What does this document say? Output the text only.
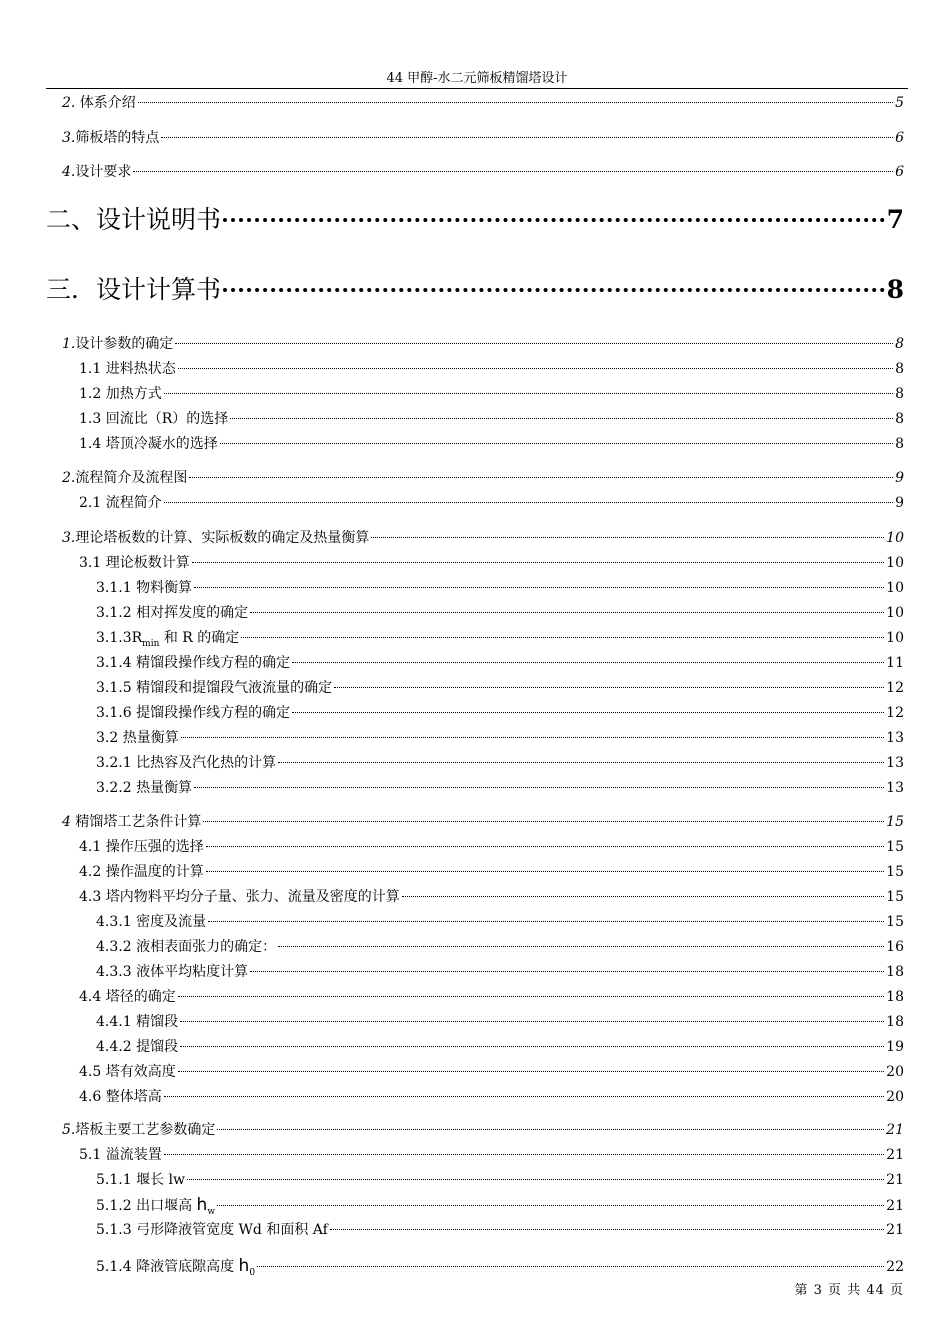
44 甲醇-水二元筛板精馏塔设计
2. 体系介绍	5
3.筛板塔的特点	6
4.设计要求	6
二、设计说明书	7
三．设计计算书	8
1.设计参数的确定	8
1.1 进料热状态	8
1.2 加热方式	8
1.3 回流比（R）的选择	8
1.4 塔顶冷凝水的选择	8
2.流程简介及流程图	9
2.1 流程简介	9
3.理论塔板数的计算、实际板数的确定及热量衡算	10
3.1 理论板数计算	10
3.1.1 物料衡算	10
3.1.2 相对挥发度的确定	10
$3.1.3R_{min}$ 和 R 的确定	10
3.1.4 精馏段操作线方程的确定	11
3.1.5 精馏段和提馏段气液流量的确定	12
3.1.6 提馏段操作线方程的确定	12
3.2 热量衡算	13
3.2.1 比热容及汽化热的计算	13
3.2.2 热量衡算	13
4 精馏塔工艺条件计算	15
4.1 操作压强的选择	15
4.2 操作温度的计算	15
4.3 塔内物料平均分子量、张力、流量及密度的计算	15
4.3.1 密度及流量	15
4.3.2 液相表面张力的确定：	16
4.3.3 液体平均粘度计算	18
4.4 塔径的确定	18
4.4.1 精馏段	18
4.4.2 提馏段	19
4.5 塔有效高度	20
4.6 整体塔高	20
5.塔板主要工艺参数确定	21
5.1 溢流装置	21
5.1.1 堰长 lw	21
5.1.2 出口堰高 $h_w$	21
5.1.3 弓形降液管宽度 Wd 和面积 Af	21
5.1.4 降液管底隙高度 $h_0$	22
第 3 页 共 44 页
